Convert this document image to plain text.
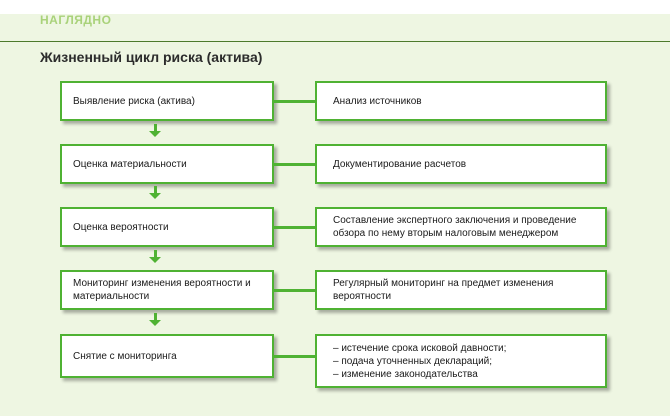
НАГЛЯДНО
Жизненный цикл риска (актива)
Выявление риска (актива)	Анализ источников
Оценка материальности	Документирование расчетов
Оценка вероятности
Составление экспертного заключения и проведение обзора по нему вторым налоговым менеджером
Мониторинг изменения вероятности и материальности
Регулярный мониторинг на предмет изменения вероятности
Снятие с мониторинга
– истечение срока исковой давности;
– подача уточненных деклараций;
– изменение законодательства
